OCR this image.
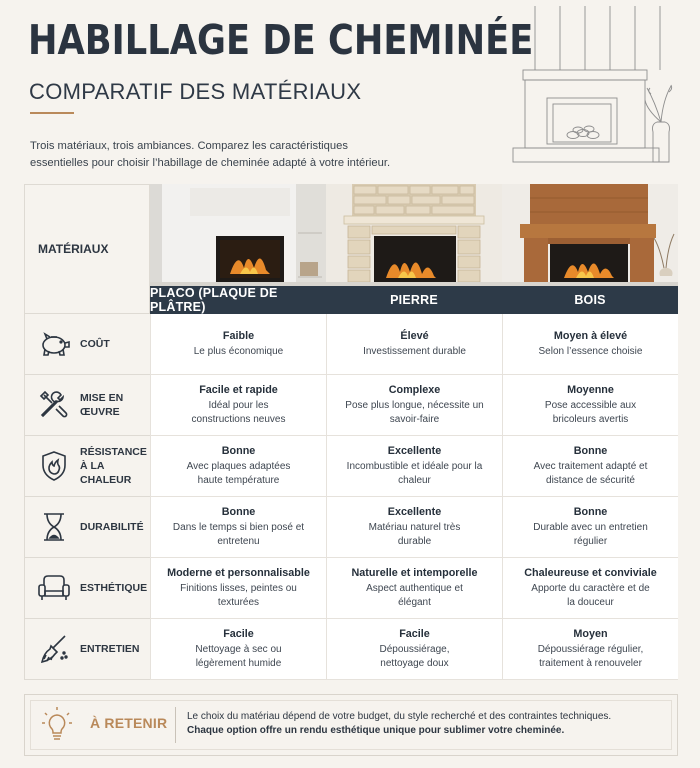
HABILLAGE DE CHEMINÉE
COMPARATIF DES MATÉRIAUX
Trois matériaux, trois ambiances. Comparez les caractéristiques essentielles pour choisir l’habillage de cheminée adapté à votre intérieur.
MATÉRIAUX
PLACO (PLAQUE DE PLÂTRE)	PIERRE	BOIS
COÛT
Faible
Le plus économique
Élevé
Investissement durable
Moyen à élevé
Selon l’essence choisie
MISE EN ŒUVRE
Facile et rapide
Idéal pour les constructions neuves
Complexe
Pose plus longue, nécessite un savoir-faire
Moyenne
Pose accessible aux bricoleurs avertis
RÉSISTANCE À LA CHALEUR
Bonne
Avec plaques adaptées haute température
Excellente
Incombustible et idéale pour la chaleur
Bonne
Avec traitement adapté et distance de sécurité
DURABILITÉ
Bonne
Dans le temps si bien posé et entretenu
Excellente
Matériau naturel très durable
Bonne
Durable avec un entretien régulier
ESTHÉTIQUE
Moderne et personnalisable
Finitions lisses, peintes ou texturées
Naturelle et intemporelle
Aspect authentique et élégant
Chaleureuse et conviviale
Apporte du caractère et de la douceur
ENTRETIEN
Facile
Nettoyage à sec ou légèrement humide
Facile
Dépoussiérage, nettoyage doux
Moyen
Dépoussiérage régulier, traitement à renouveler
À RETENIR Le choix du matériau dépend de votre budget, du style recherché et des contraintes techniques.
Chaque option offre un rendu esthétique unique pour sublimer votre cheminée.
